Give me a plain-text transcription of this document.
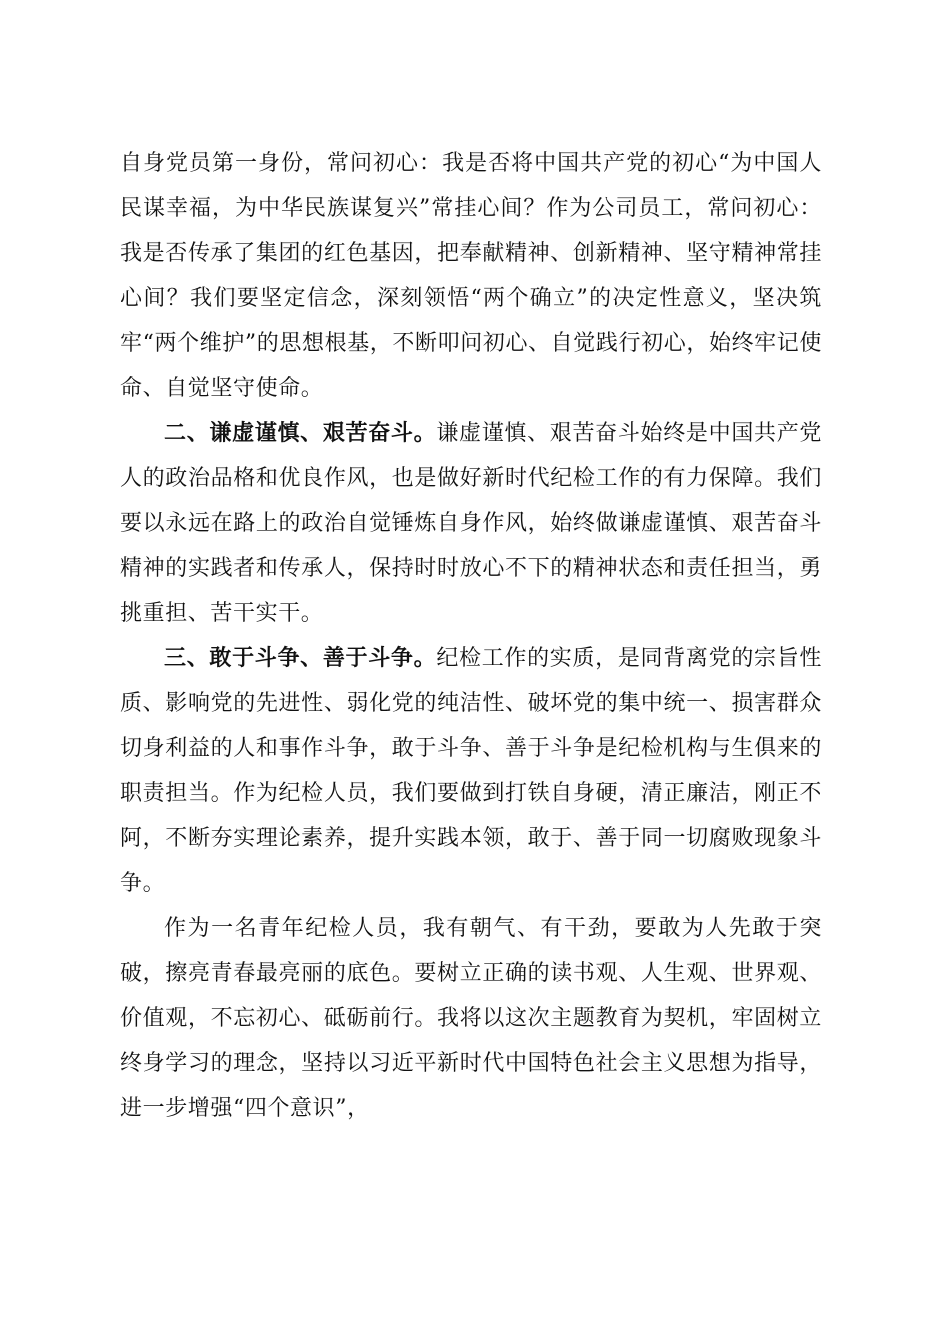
自身党员第一身份，常问初心：我是否将中国共产党的初心“为中国人民谋幸福，为中华民族谋复兴”常挂心间？作为公司员工，常问初心：我是否传承了集团的红色基因，把奉献精神、创新精神、坚守精神常挂心间？我们要坚定信念，深刻领悟“两个确立”的决定性意义，坚决筑牢“两个维护”的思想根基，不断叩问初心、自觉践行初心，始终牢记使命、自觉坚守使命。

二、谦虚谨慎、艰苦奋斗。谦虚谨慎、艰苦奋斗始终是中国共产党人的政治品格和优良作风，也是做好新时代纪检工作的有力保障。我们要以永远在路上的政治自觉锤炼自身作风，始终做谦虚谨慎、艰苦奋斗精神的实践者和传承人，保持时时放心不下的精神状态和责任担当，勇挑重担、苦干实干。

三、敢于斗争、善于斗争。纪检工作的实质，是同背离党的宗旨性质、影响党的先进性、弱化党的纯洁性、破坏党的集中统一、损害群众切身利益的人和事作斗争，敢于斗争、善于斗争是纪检机构与生俱来的职责担当。作为纪检人员，我们要做到打铁自身硬，清正廉洁，刚正不阿，不断夯实理论素养，提升实践本领，敢于、善于同一切腐败现象斗争。

作为一名青年纪检人员，我有朝气、有干劲，要敢为人先敢于突破，擦亮青春最亮丽的底色。要树立正确的读书观、人生观、世界观、价值观，不忘初心、砥砺前行。我将以这次主题教育为契机，牢固树立终身学习的理念，坚持以习近平新时代中国特色社会主义思想为指导，进一步增强“四个意识”，
